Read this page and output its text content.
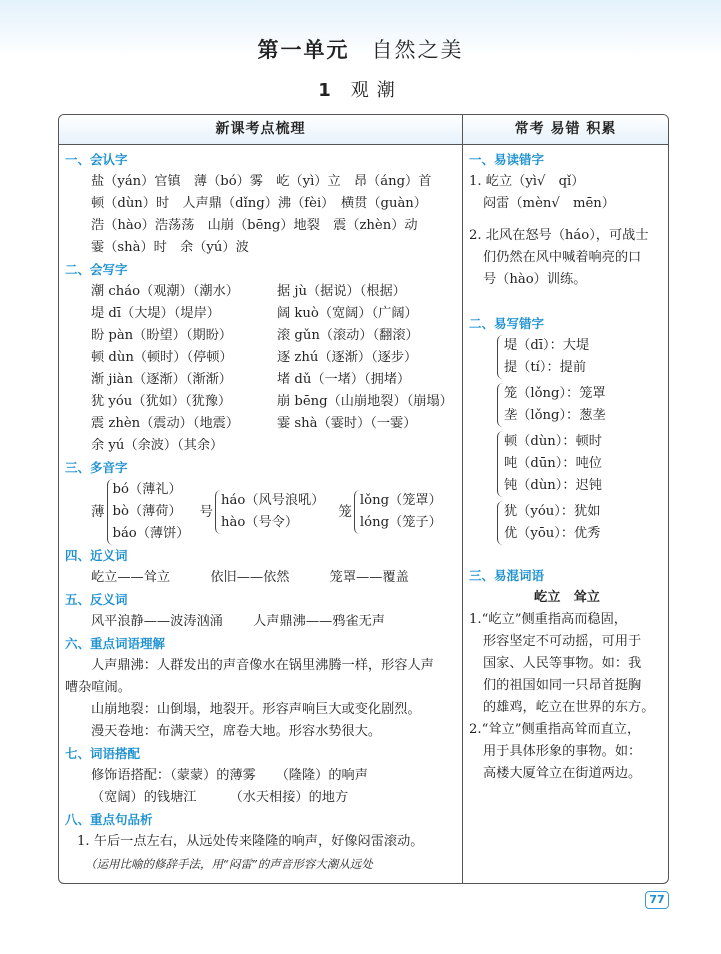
第一单元 自然之美
1 观潮
新课考点梳理	常考 易错 积累

一、会认字

盐（yán）官镇　薄（bó）雾　屹（yì）立　昂（áng）首

顿（dùn）时　人声鼎（dǐng）沸（fèi）　横贯（guàn）

浩（hào）浩荡荡　山崩（bēng）地裂　震（zhèn）动

霎（shà）时　余（yú）波

二、会写字

潮 cháo（观潮）（潮水）	据 jù（据说）（根据）
堤 dī（大堤）（堤岸）	阔 kuò（宽阔）（广阔）
盼 pàn（盼望）（期盼）	滚 gǔn（滚动）（翻滚）
顿 dùn（顿时）（停顿）	逐 zhú（逐渐）（逐步）
渐 jiàn（逐渐）（渐渐）	堵 dǔ（一堵）（拥堵）
犹 yóu（犹如）（犹豫）	崩 bēng（山崩地裂）（崩塌）
震 zhèn（震动）（地震）	霎 shà（霎时）（一霎）
余 yú（余波）（其余）

三、多音字

薄
bó（薄礼）
bò（薄荷）
báo（薄饼）
号
háo（风号浪吼）
hào（号令）
笼
lǒng（笼罩）
lóng（笼子）

四、近义词

屹立——耸立	依旧——依然	笼罩——覆盖

五、反义词

风平浪静——波涛汹涌 人声鼎沸——鸦雀无声

六、重点词语理解

人声鼎沸：人群发出的声音像水在锅里沸腾一样，形容人声

嘈杂喧闹。

山崩地裂：山倒塌，地裂开。形容声响巨大或变化剧烈。

漫天卷地：布满天空，席卷大地。形容水势很大。

七、词语搭配

修饰语搭配：（蒙蒙）的薄雾　　（隆隆）的响声

（宽阔）的钱塘江　　　（水天相接）的地方

八、重点句品析

1. 午后一点左右，从远处传来隆隆的响声，好像闷雷滚动。

（运用比喻的修辞手法，用“闷雷”的声音形容大潮从远处

一、易读错字

1. 屹立（yì√　qǐ）

闷雷（mèn√　mēn）

2. 北风在怒号（háo），可战士

们仍然在风中喊着响亮的口

号（hào）训练。

二、易写错字

堤（dī）：大堤
提（tí）：提前
笼（lǒng）：笼罩
垄（lǒng）：葱垄
顿（dùn）：顿时
吨（dūn）：吨位
钝（dùn）：迟钝
犹（yóu）：犹如
优（yōu）：优秀

三、易混词语

屹立　耸立

1.“屹立”侧重指高而稳固，

形容坚定不可动摇，可用于

国家、人民等事物。如：我

们的祖国如同一只昂首挺胸

的雄鸡，屹立在世界的东方。

2.“耸立”侧重指高耸而直立，

用于具体形象的事物。如：

高楼大厦耸立在街道两边。

77
